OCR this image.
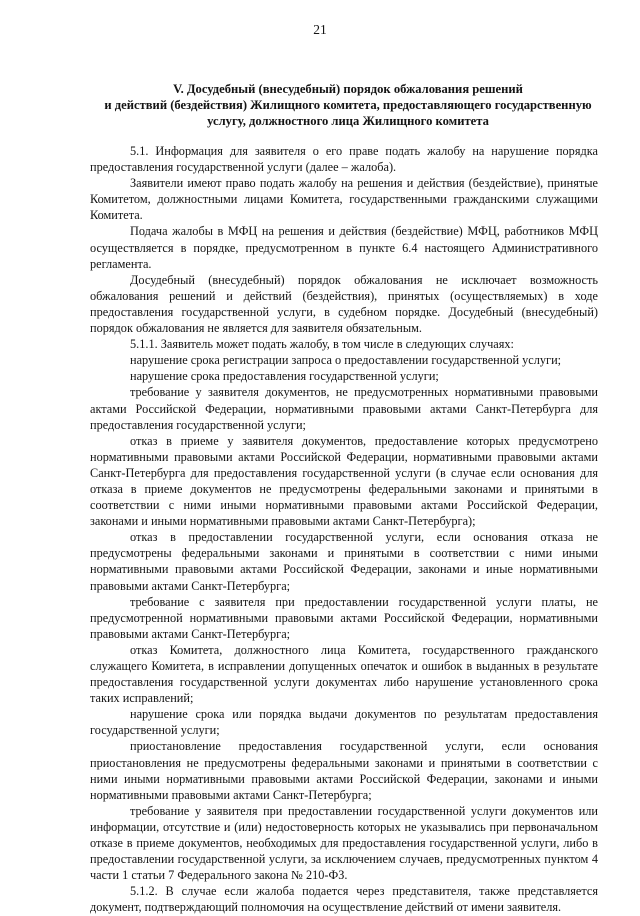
21
V. Досудебный (внесудебный) порядок обжалования решений
и действий (бездействия) Жилищного комитета, предоставляющего государственную
услугу, должностного лица Жилищного комитета

5.1. Информация для заявителя о его праве подать жалобу на нарушение порядка предоставления государственной услуги (далее – жалоба).

Заявители имеют право подать жалобу на решения и действия (бездействие), принятые Комитетом, должностными лицами Комитета, государственными гражданскими служащими Комитета.

Подача жалобы в МФЦ на решения и действия (бездействие) МФЦ, работников МФЦ осуществляется в порядке, предусмотренном в пункте 6.4 настоящего Административного регламента.

Досудебный (внесудебный) порядок обжалования не исключает возможность обжалования решений и действий (бездействия), принятых (осуществляемых) в ходе предоставления государственной услуги, в судебном порядке. Досудебный (внесудебный) порядок обжалования не является для заявителя обязательным.

5.1.1. Заявитель может подать жалобу, в том числе в следующих случаях:

нарушение срока регистрации запроса о предоставлении государственной услуги;

нарушение срока предоставления государственной услуги;

требование у заявителя документов, не предусмотренных нормативными правовыми актами Российской Федерации, нормативными правовыми актами Санкт-Петербурга для предоставления государственной услуги;

отказ в приеме у заявителя документов, предоставление которых предусмотрено нормативными правовыми актами Российской Федерации, нормативными правовыми актами Санкт-Петербурга для предоставления государственной услуги (в случае если основания для отказа в приеме документов не предусмотрены федеральными законами и принятыми в соответствии с ними иными нормативными правовыми актами Российской Федерации, законами и иными нормативными правовыми актами Санкт-Петербурга);

отказ в предоставлении государственной услуги, если основания отказа не предусмотрены федеральными законами и принятыми в соответствии с ними иными нормативными правовыми актами Российской Федерации, законами и иные нормативными правовыми актами Санкт-Петербурга;

требование с заявителя при предоставлении государственной услуги платы, не предусмотренной нормативными правовыми актами Российской Федерации, нормативными правовыми актами Санкт-Петербурга;

отказ Комитета, должностного лица Комитета, государственного гражданского служащего Комитета, в исправлении допущенных опечаток и ошибок в выданных в результате предоставления государственной услуги документах либо нарушение установленного срока таких исправлений;

нарушение срока или порядка выдачи документов по результатам предоставления государственной услуги;

приостановление предоставления государственной услуги, если основания приостановления не предусмотрены федеральными законами и принятыми в соответствии с ними иными нормативными правовыми актами Российской Федерации, законами и иными нормативными правовыми актами Санкт-Петербурга;

требование у заявителя при предоставлении государственной услуги документов или информации, отсутствие и (или) недостоверность которых не указывались при первоначальном отказе в приеме документов, необходимых для предоставления государственной услуги, либо в предоставлении государственной услуги, за исключением случаев, предусмотренных пунктом 4 части 1 статьи 7 Федерального закона № 210-ФЗ.

5.1.2. В случае если жалоба подается через представителя, также представляется документ, подтверждающий полномочия на осуществление действий от имени заявителя.
